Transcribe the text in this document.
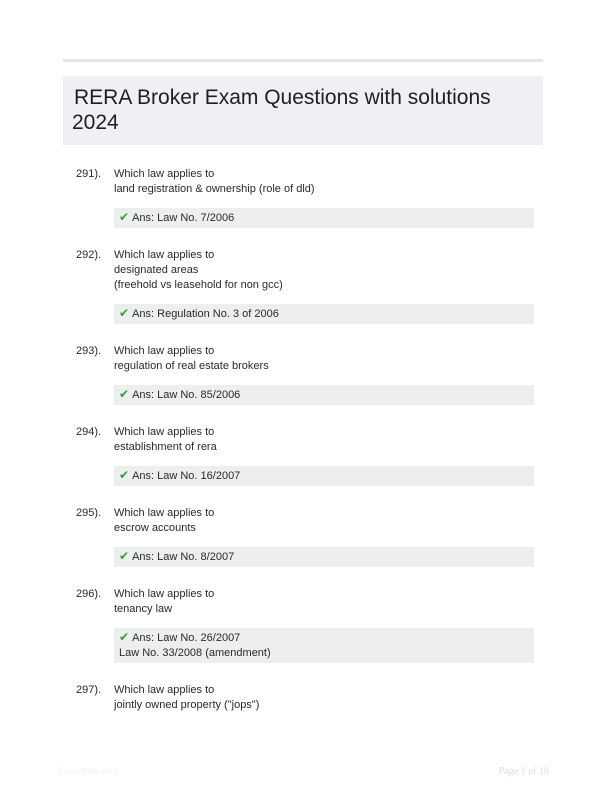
RERA Broker Exam Questions with solutions 2024
291). Which law applies to
land registration & ownership (role of dld)
✔ Ans: Law No. 7/2006
292). Which law applies to
designated areas
(freehold vs leasehold for non gcc)
✔ Ans: Regulation No. 3 of 2006
293). Which law applies to
regulation of real estate brokers
✔ Ans: Law No. 85/2006
294). Which law applies to
establishment of rera
✔ Ans: Law No. 16/2007
295). Which law applies to
escrow accounts
✔ Ans: Law No. 8/2007
296). Which law applies to
tenancy law
✔ Ans: Law No. 26/2007
Law No. 33/2008 (amendment)
297). Which law applies to
jointly owned property ("jops")
Paperthiis.com	Page 1 of 10
